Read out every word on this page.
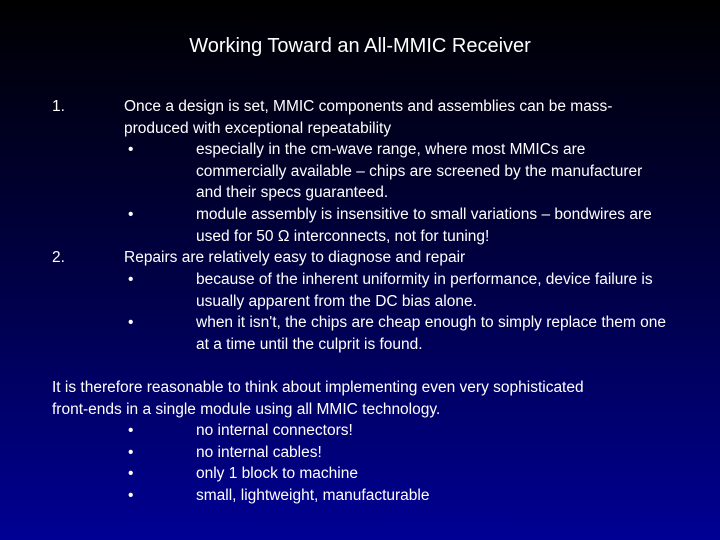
Working Toward an All-MMIC Receiver
1.	Once a design is set, MMIC components and assemblies can be mass-
produced with exceptional repeatability
•
especially in the cm-wave range, where most MMICs are
commercially available – chips are screened by the manufacturer
and their specs guaranteed.
•
module assembly is insensitive to small variations – bondwires are
used for 50 Ω interconnects, not for tuning!
2.	Repairs are relatively easy to diagnose and repair
•
because of the inherent uniformity in performance, device failure is
usually apparent from the DC bias alone.
•
when it isn't, the chips are cheap enough to simply replace them one
at a time until the culprit is found.
It is therefore reasonable to think about implementing even very sophisticated
front-ends in a single module using all MMIC technology.
•
no internal connectors!
•
no internal cables!
•
only 1 block to machine
•
small, lightweight, manufacturable
